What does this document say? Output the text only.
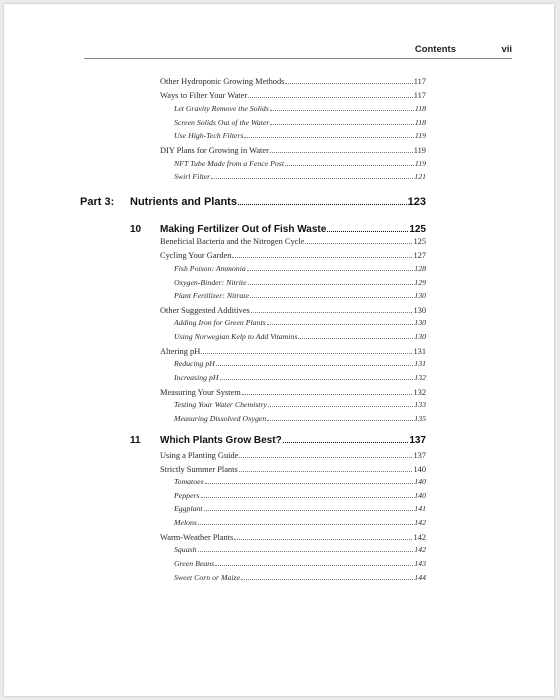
Contents	vii
Other Hydroponic Growing Methods	117
Ways to Filter Your Water	117
Let Gravity Remove the Solids	118
Screen Solids Out of the Water	118
Use High-Tech Filters	119
DIY Plans for Growing in Water	119
NFT Tube Made from a Fence Post	119
Swirl Filter	121
Part 3:	Nutrients and Plants	123
10	Making Fertilizer Out of Fish Waste	125
Beneficial Bacteria and the Nitrogen Cycle	125
Cycling Your Garden	127
Fish Poison: Ammonia	128
Oxygen-Binder: Nitrite	129
Plant Fertilizer: Nitrate	130
Other Suggested Additives	130
Adding Iron for Green Plants	130
Using Norwegian Kelp to Add Vitamins	130
Altering pH	131
Reducing pH	131
Increasing pH	132
Measuring Your System	132
Testing Your Water Chemistry	133
Measuring Dissolved Oxygen	135
11	Which Plants Grow Best?	137
Using a Planting Guide	137
Strictly Summer Plants	140
Tomatoes	140
Peppers	140
Eggplant	141
Melons	142
Warm-Weather Plants	142
Squash	142
Green Beans	143
Sweet Corn or Maize	144
